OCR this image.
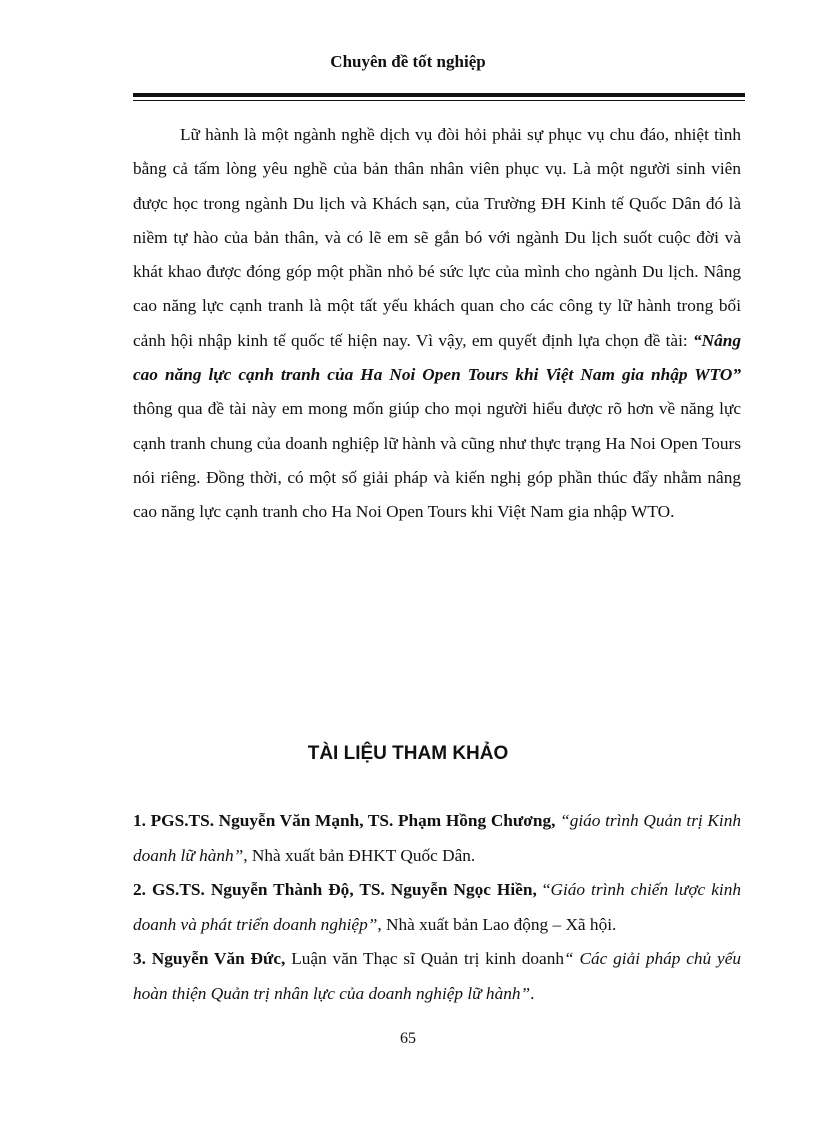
Chuyên đề tốt nghiệp

Lữ hành là một ngành nghề dịch vụ đòi hỏi phải sự phục vụ chu đáo, nhiệt tình bằng cả tấm lòng yêu nghề của bản thân nhân viên phục vụ. Là một người sinh viên được học trong ngành Du lịch và Khách sạn, của Trường ĐH Kinh tế Quốc Dân đó là niềm tự hào của bản thân, và có lẽ em sẽ gắn bó với ngành Du lịch suốt cuộc đời và khát khao được đóng góp một phần nhỏ bé sức lực của mình cho ngành Du lịch. Nâng cao năng lực cạnh tranh là một tất yếu khách quan cho các công ty lữ hành trong bối cảnh hội nhập kinh tế quốc tế hiện nay. Vì vậy, em quyết định lựa chọn đề tài: “Nâng cao năng lực cạnh tranh của Ha Noi Open Tours khi Việt Nam gia nhập WTO” thông qua đề tài này em mong mốn giúp cho mọi người hiểu được rõ hơn về năng lực cạnh tranh chung của doanh nghiệp lữ hành và cũng như thực trạng Ha Noi Open Tours nói riêng. Đồng thời, có một số giải pháp và kiến nghị góp phần thúc đẩy nhằm nâng cao năng lực cạnh tranh cho Ha Noi Open Tours khi Việt Nam gia nhập WTO.

TÀI LIỆU THAM KHẢO

1. PGS.TS. Nguyễn Văn Mạnh, TS. Phạm Hồng Chương, “giáo trình Quản trị Kinh doanh lữ hành”, Nhà xuất bản ĐHKT Quốc Dân.

2. GS.TS. Nguyễn Thành Độ, TS. Nguyễn Ngọc Hiền, “Giáo trình chiến lược kinh doanh và phát triển doanh nghiệp”, Nhà xuất bản Lao động – Xã hội.

3. Nguyễn Văn Đức, Luận văn Thạc sĩ Quản trị kinh doanh“ Các giải pháp chủ yếu hoàn thiện Quản trị nhân lực của doanh nghiệp lữ hành”.

65
